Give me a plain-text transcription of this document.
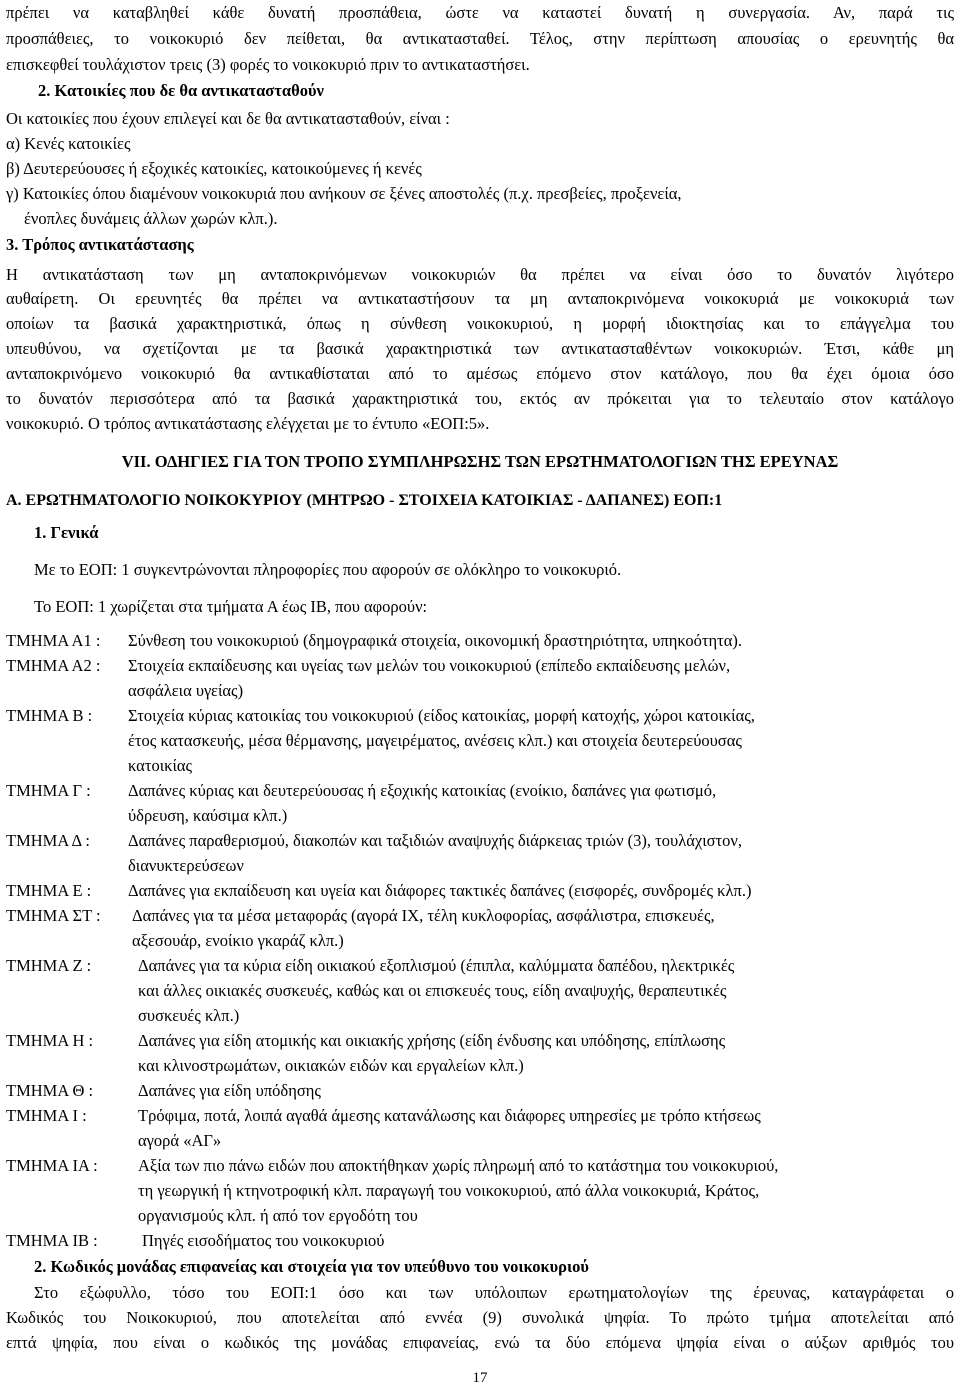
πρέπει να καταβληθεί κάθε δυνατή προσπάθεια, ώστε να καταστεί δυνατή η συνεργασία. Αν, παρά τις
προσπάθειες, το νοικοκυριό δεν πείθεται, θα αντικατασταθεί. Τέλος, στην περίπτωση απουσίας ο ερευνητής θα
επισκεφθεί τουλάχιστον τρεις (3) φορές το νοικοκυριό πριν το αντικαταστήσει.
2. Κατοικίες που δε θα αντικατασταθούν
Οι κατοικίες που έχουν επιλεγεί και δε θα αντικατασταθούν, είναι :
α) Κενές κατοικίες
β) Δευτερεύουσες ή εξοχικές κατοικίες, κατοικούμενες ή κενές
γ) Κατοικίες όπου διαμένουν νοικοκυριά που ανήκουν σε ξένες αποστολές (π.χ. πρεσβείες, προξενεία,
ένοπλες δυνάμεις άλλων χωρών κλπ.).
3. Τρόπος αντικατάστασης
Η αντικατάσταση των μη ανταποκρινόμενων νοικοκυριών θα πρέπει να είναι όσο το δυνατόν λιγότερο
αυθαίρετη. Οι ερευνητές θα πρέπει να αντικαταστήσουν τα μη ανταποκρινόμενα νοικοκυριά με νοικοκυριά των
οποίων τα βασικά χαρακτηριστικά, όπως η σύνθεση νοικοκυριού, η μορφή ιδιοκτησίας και το επάγγελμα του
υπευθύνου, να σχετίζονται με τα βασικά χαρακτηριστικά των αντικατασταθέντων νοικοκυριών. Έτσι, κάθε μη
ανταποκρινόμενο νοικοκυριό θα αντικαθίσταται από το αμέσως επόμενο στον κατάλογο, που θα έχει όμοια όσο
το δυνατόν περισσότερα από τα βασικά χαρακτηριστικά του, εκτός αν πρόκειται για το τελευταίο στον κατάλογο
νοικοκυριό. Ο τρόπος αντικατάστασης ελέγχεται με το έντυπο «ΕΟΠ:5».
VII. ΟΔΗΓΙΕΣ ΓΙΑ ΤΟΝ ΤΡΟΠΟ ΣΥΜΠΛΗΡΩΣΗΣ ΤΩΝ ΕΡΩΤΗΜΑΤΟΛΟΓΙΩΝ ΤΗΣ ΕΡΕΥΝΑΣ
Α. ΕΡΩΤΗΜΑΤΟΛΟΓΙΟ ΝΟΙΚΟΚΥΡΙΟΥ (ΜΗΤΡΩΟ - ΣΤΟΙΧΕΙΑ ΚΑΤΟΙΚΙΑΣ - ΔΑΠΑΝΕΣ) ΕΟΠ:1
1. Γενικά
Με το ΕΟΠ: 1 συγκεντρώνονται πληροφορίες που αφορούν σε ολόκληρο το νοικοκυριό.
Το ΕΟΠ: 1 χωρίζεται στα τμήματα Α έως ΙΒ, που αφορούν:
ΤΜΗΜΑ Α1 : Σύνθεση του νοικοκυριού (δημογραφικά στοιχεία, οικονομική δραστηριότητα, υπηκοότητα).
ΤΜΗΜΑ Α2 : Στοιχεία εκπαίδευσης και υγείας των μελών του νοικοκυριού (επίπεδο εκπαίδευσης μελών,
ασφάλεια υγείας)
ΤΜΗΜΑ Β : Στοιχεία κύριας κατοικίας του νοικοκυριού (είδος κατοικίας, μορφή κατοχής, χώροι κατοικίας,
έτος κατασκευής, μέσα θέρμανσης, μαγειρέματος, ανέσεις κλπ.) και στοιχεία δευτερεύουσας
κατοικίας
ΤΜΗΜΑ Γ : Δαπάνες κύριας και δευτερεύουσας ή εξοχικής κατοικίας (ενοίκιο, δαπάνες για φωτισμό,
ύδρευση, καύσιμα κλπ.)
ΤΜΗΜΑ Δ : Δαπάνες παραθερισμού, διακοπών και ταξιδιών αναψυχής διάρκειας τριών (3), τουλάχιστον,
διανυκτερεύσεων
ΤΜΗΜΑ Ε : Δαπάνες για εκπαίδευση και υγεία και διάφορες τακτικές δαπάνες (εισφορές, συνδρομές κλπ.)
ΤΜΗΜΑ ΣΤ : Δαπάνες για τα μέσα μεταφοράς (αγορά ΙΧ, τέλη κυκλοφορίας, ασφάλιστρα, επισκευές,
αξεσουάρ, ενοίκιο γκαράζ κλπ.)
ΤΜΗΜΑ Ζ :	Δαπάνες για τα κύρια είδη οικιακού εξοπλισμού (έπιπλα, καλύμματα δαπέδου, ηλεκτρικές
και άλλες οικιακές συσκευές, καθώς και οι επισκευές τους, είδη αναψυχής, θεραπευτικές
συσκευές κλπ.)
ΤΜΗΜΑ Η :	Δαπάνες για είδη ατομικής και οικιακής χρήσης (είδη ένδυσης και υπόδησης, επίπλωσης
και κλινοστρωμάτων, οικιακών ειδών και εργαλείων κλπ.)
ΤΜΗΜΑ Θ :	Δαπάνες για είδη υπόδησης
ΤΜΗΜΑ Ι :	Τρόφιμα, ποτά, λοιπά αγαθά άμεσης κατανάλωσης και διάφορες υπηρεσίες με τρόπο κτήσεως
αγορά «ΑΓ»
ΤΜΗΜΑ ΙΑ : Αξία των πιο πάνω ειδών που αποκτήθηκαν χωρίς πληρωμή από το κατάστημα του νοικοκυριού,
τη γεωργική ή κτηνοτροφική κλπ. παραγωγή του νοικοκυριού, από άλλα νοικοκυριά, Κράτος,
οργανισμούς κλπ. ή από τον εργοδότη του
ΤΜΗΜΑ ΙΒ :	Πηγές εισοδήματος του νοικοκυριού
2. Κωδικός μονάδας επιφανείας και στοιχεία για τον υπεύθυνο του νοικοκυριού
Στο εξώφυλλο, τόσο του ΕΟΠ:1 όσο και των υπόλοιπων ερωτηματολογίων της έρευνας, καταγράφεται ο
Κωδικός του Νοικοκυριού, που αποτελείται από εννέα (9) συνολικά ψηφία. Το πρώτο τμήμα αποτελείται από
επτά ψηφία, που είναι ο κωδικός της μονάδας επιφανείας, ενώ τα δύο επόμενα ψηφία είναι ο αύξων αριθμός του
17
